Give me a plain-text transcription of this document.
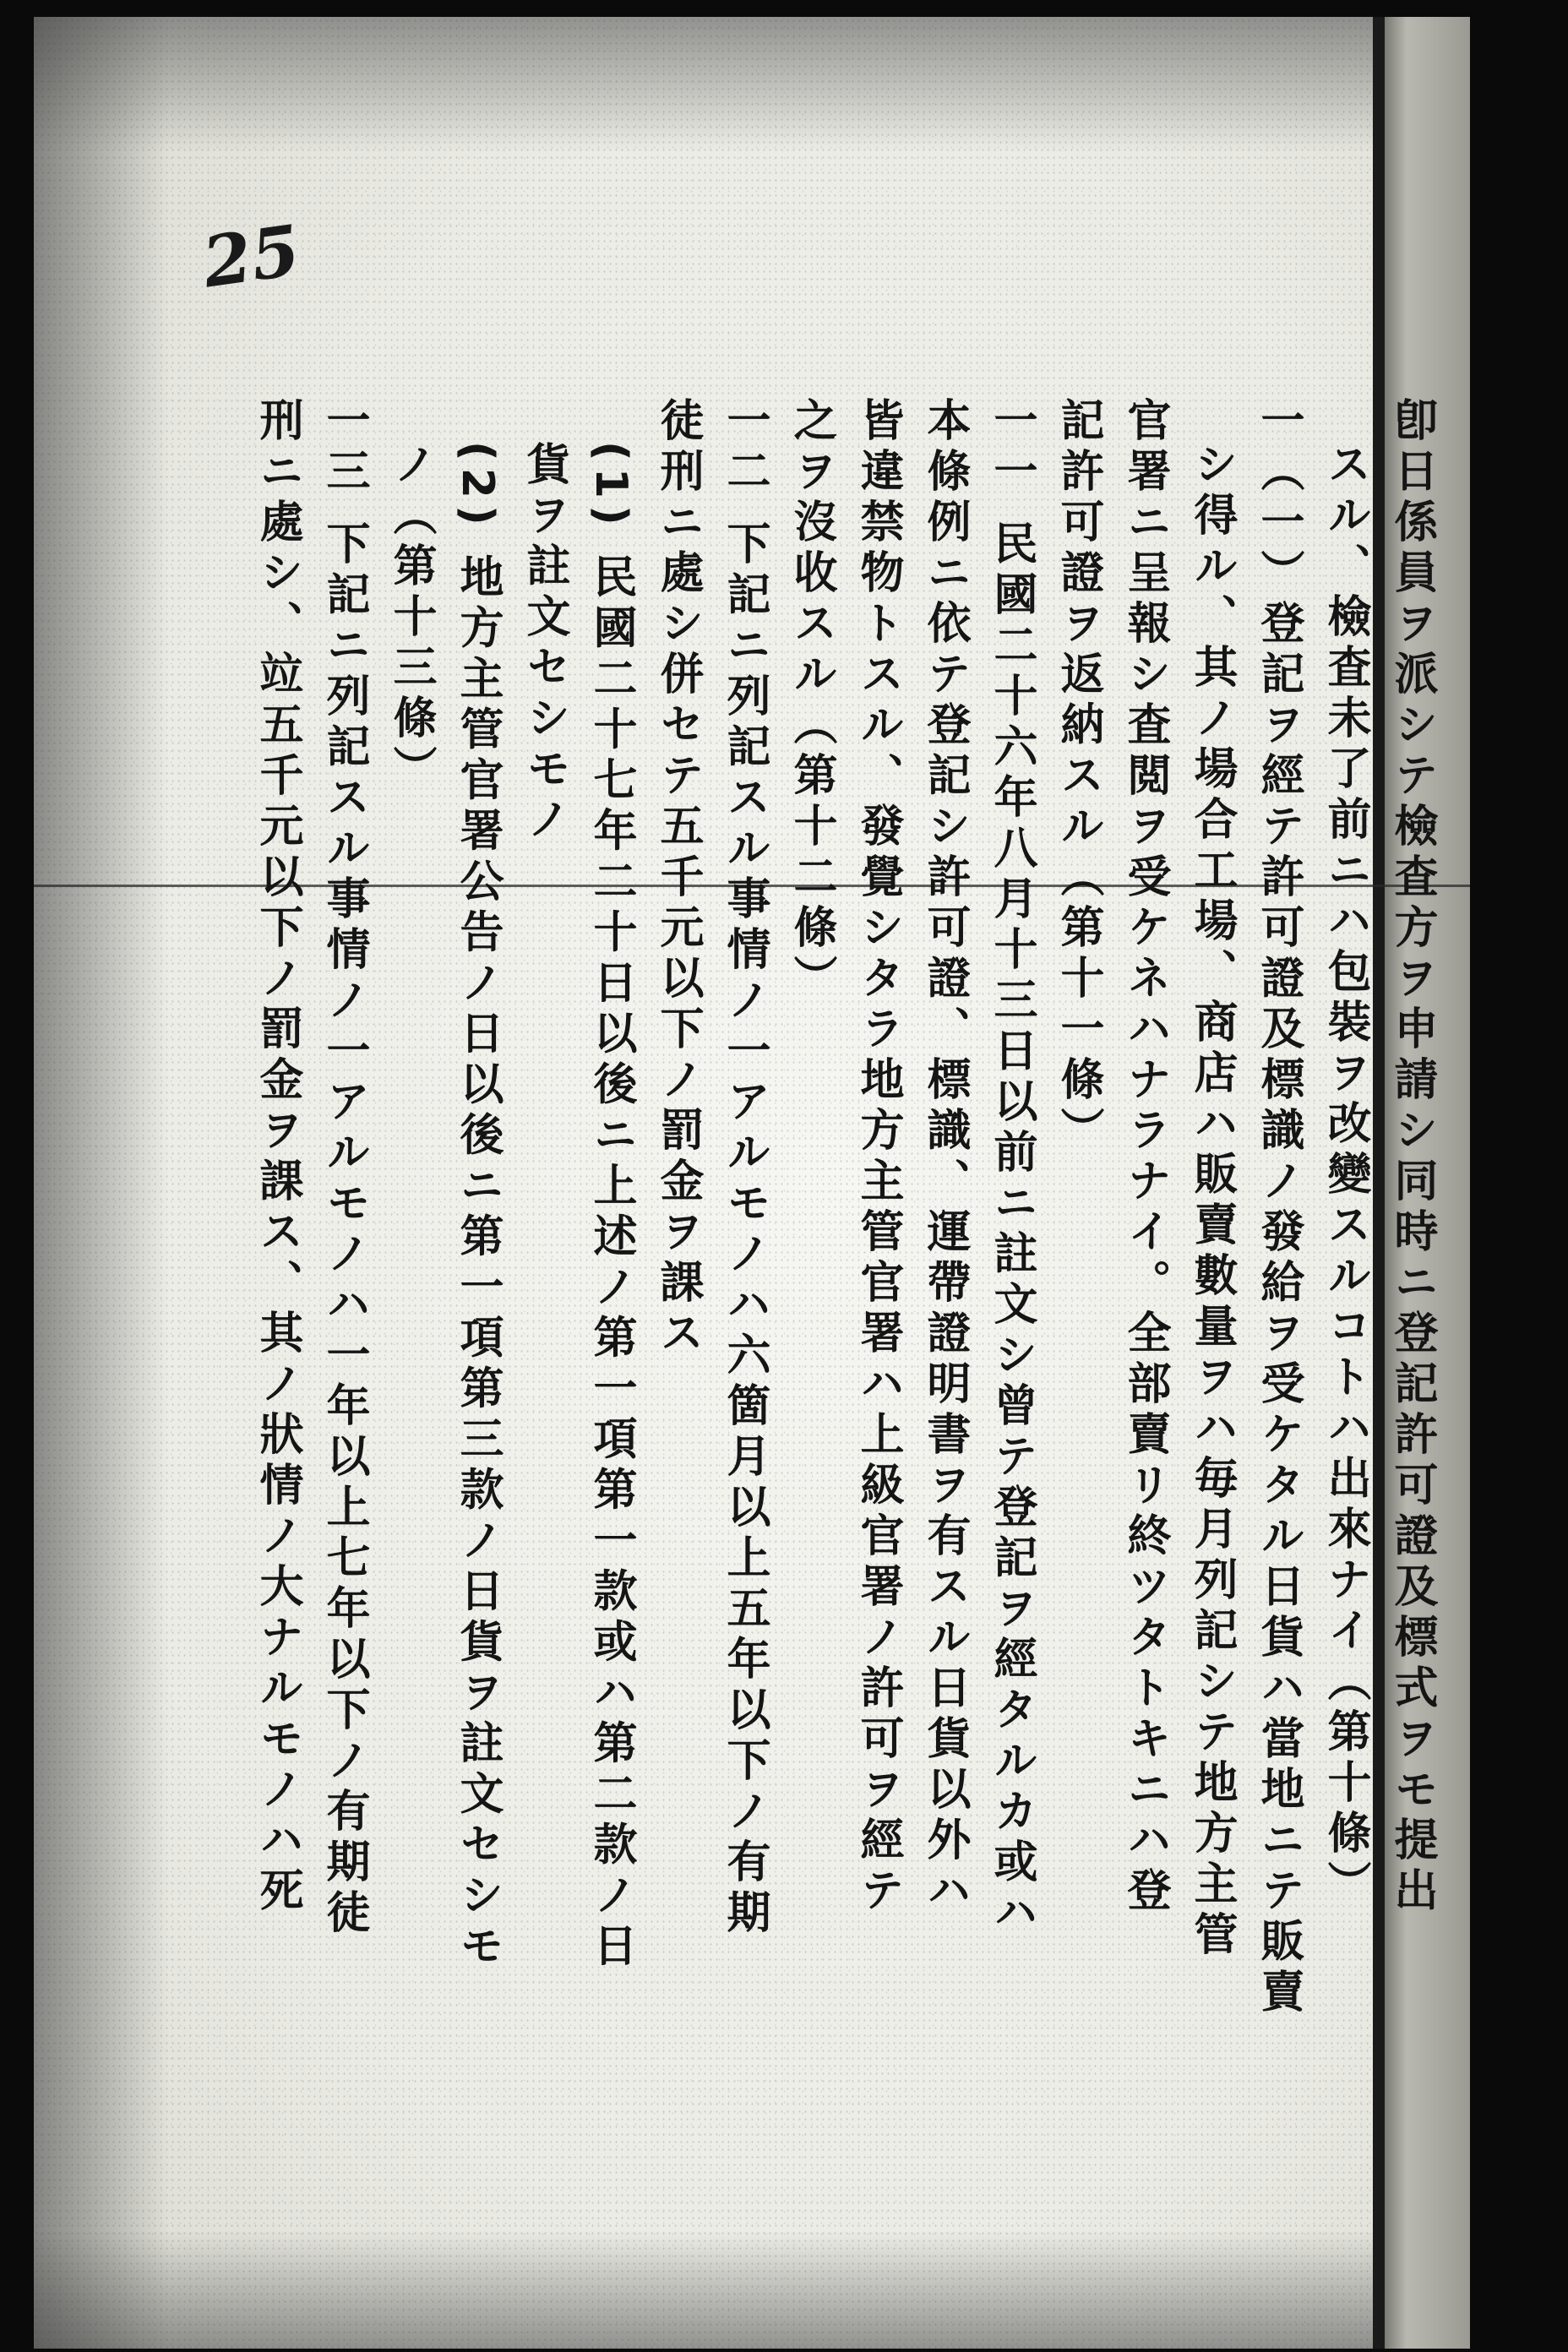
25
卽日係員ヲ派シテ檢査方ヲ申請シ同時ニ登記許可證及標式ヲモ提出
スル、檢査未了前ニハ包裝ヲ改變スルコトハ出來ナイ（第十條）
一（一）登記ヲ經テ許可證及標識ノ發給ヲ受ケタル日貨ハ當地ニテ販賣
シ得ル、其ノ場合工場、商店ハ販賣數量ヲハ毎月列記シテ地方主管
官署ニ呈報シ査閲ヲ受ケネハナラナイ。全部賣リ終ツタトキニハ登
記許可證ヲ返納スル（第十一條）
一一 民國二十六年八月十三日以前ニ註文シ曾テ登記ヲ經タルカ或ハ
本條例ニ依テ登記シ許可證、標識、運帶證明書ヲ有スル日貨以外ハ
皆違禁物トスル、發覺シタラ地方主管官署ハ上級官署ノ許可ヲ經テ
之ヲ沒收スル（第十二條）
一二 下記ニ列記スル事情ノ一アルモノハ六箇月以上五年以下ノ有期
徒刑ニ處シ併セテ五千元以下ノ罰金ヲ課ス
(1) 民國二十七年二十日以後ニ上述ノ第一項第一款或ハ第二款ノ日
貨ヲ註文セシモノ
(2) 地方主管官署公告ノ日以後ニ第一項第三款ノ日貨ヲ註文セシモ
ノ（第十三條）
一三 下記ニ列記スル事情ノ一アルモノハ一年以上七年以下ノ有期徒
刑ニ處シ、竝五千元以下ノ罰金ヲ課ス、其ノ狀情ノ大ナルモノハ死
